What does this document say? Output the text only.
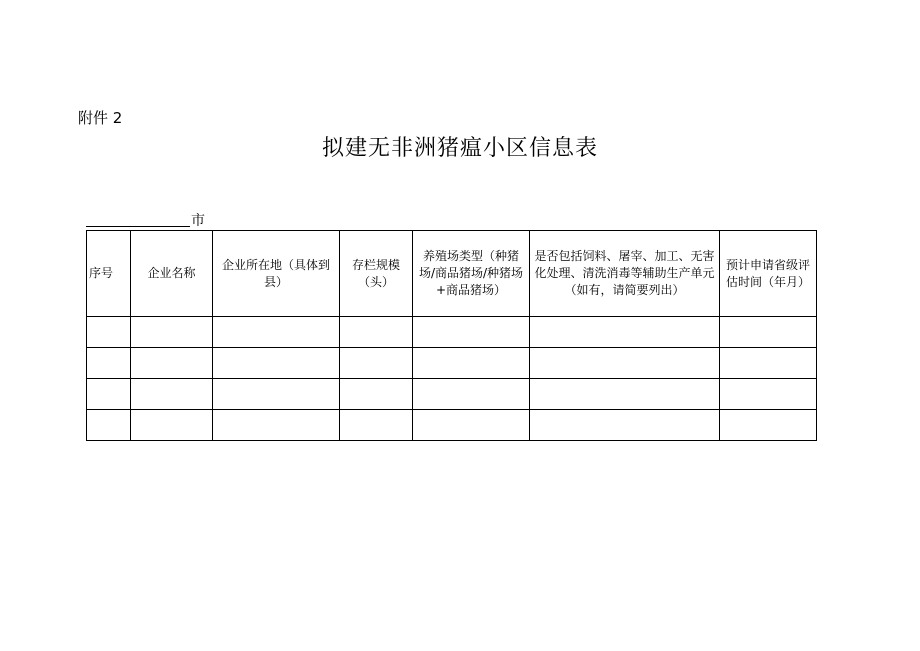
附件 2
拟建无非洲猪瘟小区信息表
市
序号	企业名称	企业所在地（具体到县）	存栏规模（头）	养殖场类型（种猪场/商品猪场/种猪场+商品猪场）	是否包括饲料、屠宰、加工、无害化处理、清洗消毒等辅助生产单元（如有，请简要列出）	预计申请省级评估时间（年月）
